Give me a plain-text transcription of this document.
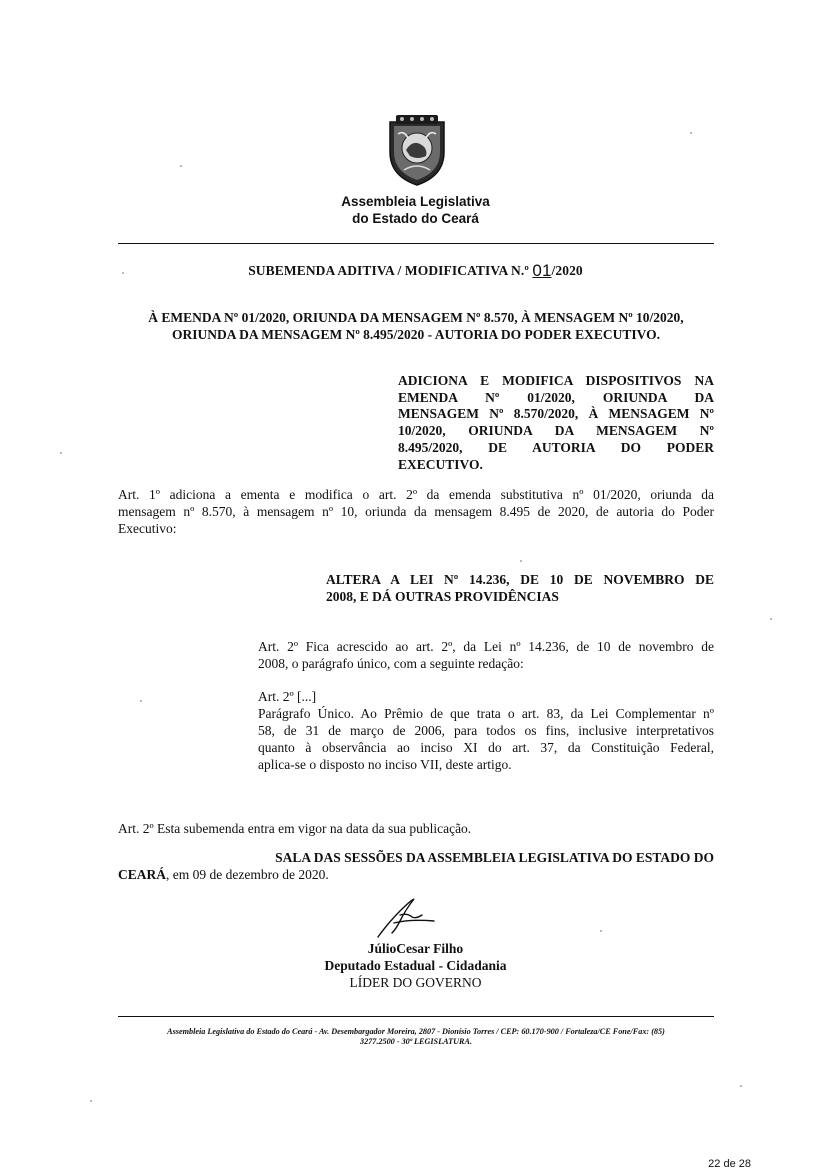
Assembleia Legislativa
do Estado do Ceará
SUBEMENDA ADITIVA / MODIFICATIVA N.º 01/2020
À EMENDA Nº 01/2020, ORIUNDA DA MENSAGEM Nº 8.570, À MENSAGEM Nº 10/2020,
ORIUNDA DA MENSAGEM Nº 8.495/2020 - AUTORIA DO PODER EXECUTIVO.
ADICIONA E MODIFICA DISPOSITIVOS NA
EMENDA Nº 01/2020, ORIUNDA DA
MENSAGEM Nº 8.570/2020, À MENSAGEM Nº
10/2020, ORIUNDA DA MENSAGEM Nº
8.495/2020, DE AUTORIA DO PODER
EXECUTIVO.
Art. 1º adiciona a ementa e modifica o art. 2º da emenda substitutiva nº 01/2020, oriunda da
mensagem nº 8.570, à mensagem nº 10, oriunda da mensagem 8.495 de 2020, de autoria do Poder
Executivo:
ALTERA A LEI Nº 14.236, DE 10 DE NOVEMBRO DE
2008, E DÁ OUTRAS PROVIDÊNCIAS
Art. 2º Fica acrescido ao art. 2º, da Lei nº 14.236, de 10 de novembro de
2008, o parágrafo único, com a seguinte redação:
Art. 2º [...]
Parágrafo Único. Ao Prêmio de que trata o art. 83, da Lei Complementar nº
58, de 31 de março de 2006, para todos os fins, inclusive interpretativos
quanto à observância ao inciso XI do art. 37, da Constituição Federal,
aplica-se o disposto no inciso VII, deste artigo.
Art. 2º Esta subemenda entra em vigor na data da sua publicação.
SALA DAS SESSÕES DA ASSEMBLEIA LEGISLATIVA DO ESTADO DO
CEARÁ, em 09 de dezembro de 2020.
JúlioCesar Filho
Deputado Estadual - Cidadania
LÍDER DO GOVERNO
Assembleia Legislativa do Estado do Ceará - Av. Desembargador Moreira, 2807 - Dionísio Torres / CEP: 60.170-900 / Fortaleza/CE Fone/Fax: (85)
3277.2500 - 30ª LEGISLATURA.
22 de 28
